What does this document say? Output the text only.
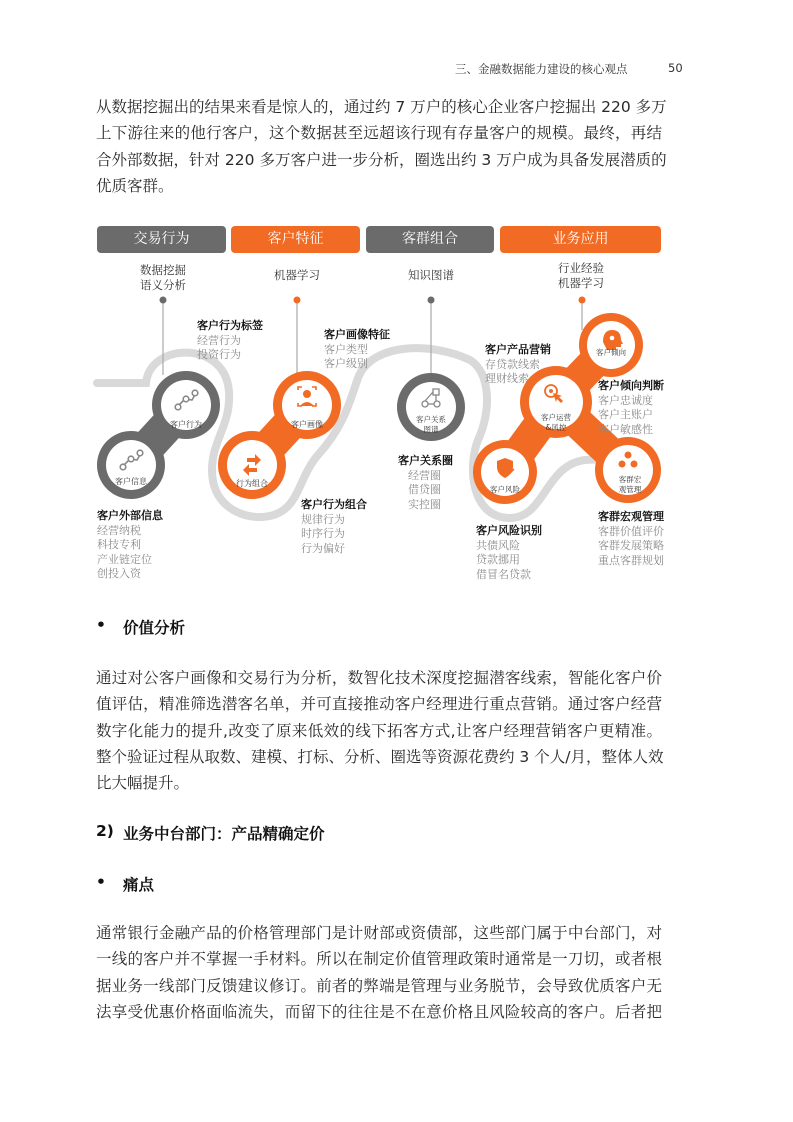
三、金融数据能力建设的核心观点	50
从数据挖掘出的结果来看是惊人的，通过约 7 万户的核心企业客户挖掘出 220 多万
上下游往来的他行客户，这个数据甚至远超该行现有存量客户的规模。最终，再结
合外部数据，针对 220 多万客户进一步分析，圈选出约 3 万户成为具备发展潜质的
优质客群。
交易行为	客户特征	客群组合	业务应用
数据挖掘
语义分析
机器学习	知识图谱	行业经验
机器学习
客户信息
客户行为	客户画像
行为组合
客户关系
图谱
客户倾向
客户运营
&风控
客户风险
客群宏
观管理
客户行为标签
经营行为
投资行为
客户画像特征
客户类型
客户级别
客户外部信息
经营纳税
科技专利
产业链定位
创投入资
客户行为组合
规律行为
时序行为
行为偏好
客户关系圈
经营圈
借贷圈
实控圈
客户产品营销
存贷款线索
理财线索
客户倾向判断
客户忠诚度
客户主账户
客户敏感性
客户风险识别
共债风险
贷款挪用
借冒名贷款
客群宏观管理
客群价值评价
客群发展策略
重点客群规划
• 价值分析
通过对公客户画像和交易行为分析，数智化技术深度挖掘潜客线索，智能化客户价
值评估，精准筛选潜客名单，并可直接推动客户经理进行重点营销。通过客户经营
数字化能力的提升,改变了原来低效的线下拓客方式,让客户经理营销客户更精准。
整个验证过程从取数、建模、打标、分析、圈选等资源花费约 3 个人/月，整体人效
比大幅提升。
2) 业务中台部门：产品精确定价
• 痛点
通常银行金融产品的价格管理部门是计财部或资债部，这些部门属于中台部门，对
一线的客户并不掌握一手材料。所以在制定价值管理政策时通常是一刀切，或者根
据业务一线部门反馈建议修订。前者的弊端是管理与业务脱节，会导致优质客户无
法享受优惠价格面临流失，而留下的往往是不在意价格且风险较高的客户。后者把
